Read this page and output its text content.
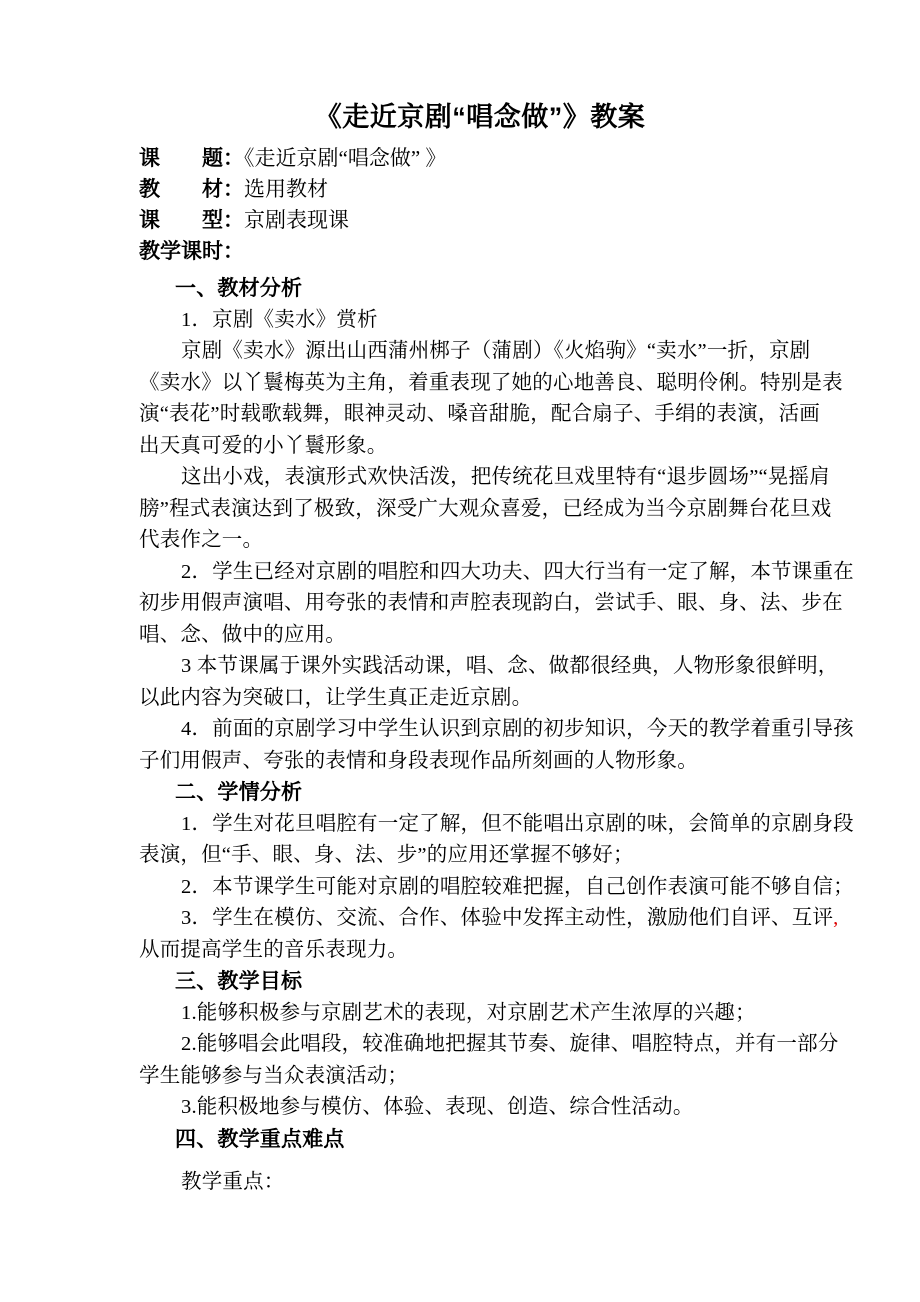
《走近京剧“唱念做”》教案
课　　题：《走近京剧“唱念做” 》
教　　材：选用教材
课　　型：京剧表现课
教学课时：
一、教材分析
1．京剧《卖水》赏析
京剧《卖水》源出山西蒲州梆子（蒲剧）《火焰驹》“卖水”一折，京剧
《卖水》以丫鬟梅英为主角，着重表现了她的心地善良、聪明伶俐。特别是表
演“表花”时载歌载舞，眼神灵动、嗓音甜脆，配合扇子、手绢的表演，活画
出天真可爱的小丫鬟形象。
这出小戏，表演形式欢快活泼，把传统花旦戏里特有“退步圆场”“晃摇肩
膀”程式表演达到了极致，深受广大观众喜爱，已经成为当今京剧舞台花旦戏
代表作之一。
2．学生已经对京剧的唱腔和四大功夫、四大行当有一定了解，本节课重在
初步用假声演唱、用夸张的表情和声腔表现韵白，尝试手、眼、身、法、步在
唱、念、做中的应用。
3 本节课属于课外实践活动课，唱、念、做都很经典，人物形象很鲜明，
以此内容为突破口，让学生真正走近京剧。
4．前面的京剧学习中学生认识到京剧的初步知识，今天的教学着重引导孩
子们用假声、夸张的表情和身段表现作品所刻画的人物形象。
二、学情分析
1．学生对花旦唱腔有一定了解，但不能唱出京剧的味，会简单的京剧身段
表演，但“手、眼、身、法、步”的应用还掌握不够好；
2．本节课学生可能对京剧的唱腔较难把握，自己创作表演可能不够自信；
3．学生在模仿、交流、合作、体验中发挥主动性，激励他们自评、互评,
从而提高学生的音乐表现力。
三、教学目标
1.能够积极参与京剧艺术的表现，对京剧艺术产生浓厚的兴趣；
2.能够唱会此唱段，较准确地把握其节奏、旋律、唱腔特点，并有一部分
学生能够参与当众表演活动；
3.能积极地参与模仿、体验、表现、创造、综合性活动。
四、教学重点难点
教学重点：
